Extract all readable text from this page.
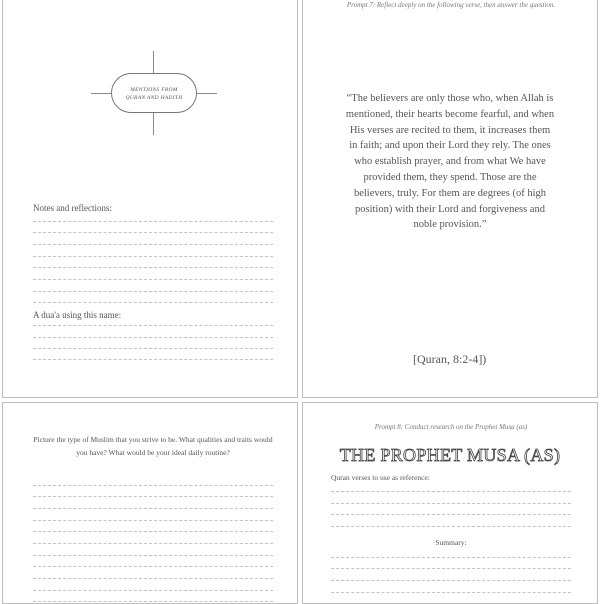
MENTIONS FROM
QURAN AND HADITH
Notes and reflections:
A dua'a using this name:
Prompt 7: Reflect deeply on the following verse, then answer the question.
“The believers are only those who, when Allah is mentioned, their hearts become fearful, and when His verses are recited to them, it increases them in faith; and upon their Lord they rely. The ones who establish prayer, and from what We have provided them, they spend. Those are the believers, truly. For them are degrees (of high position) with their Lord and forgiveness and noble provision.”
[Quran, 8:2-4])
Picture the type of Muslim that you strive to be. What qualities and traits would you have? What would be your ideal daily routine?
Prompt 8: Conduct research on the Prophet Musa (as)
THE PROPHET MUSA (AS)
Quran verses to use as reference:
Summary:
